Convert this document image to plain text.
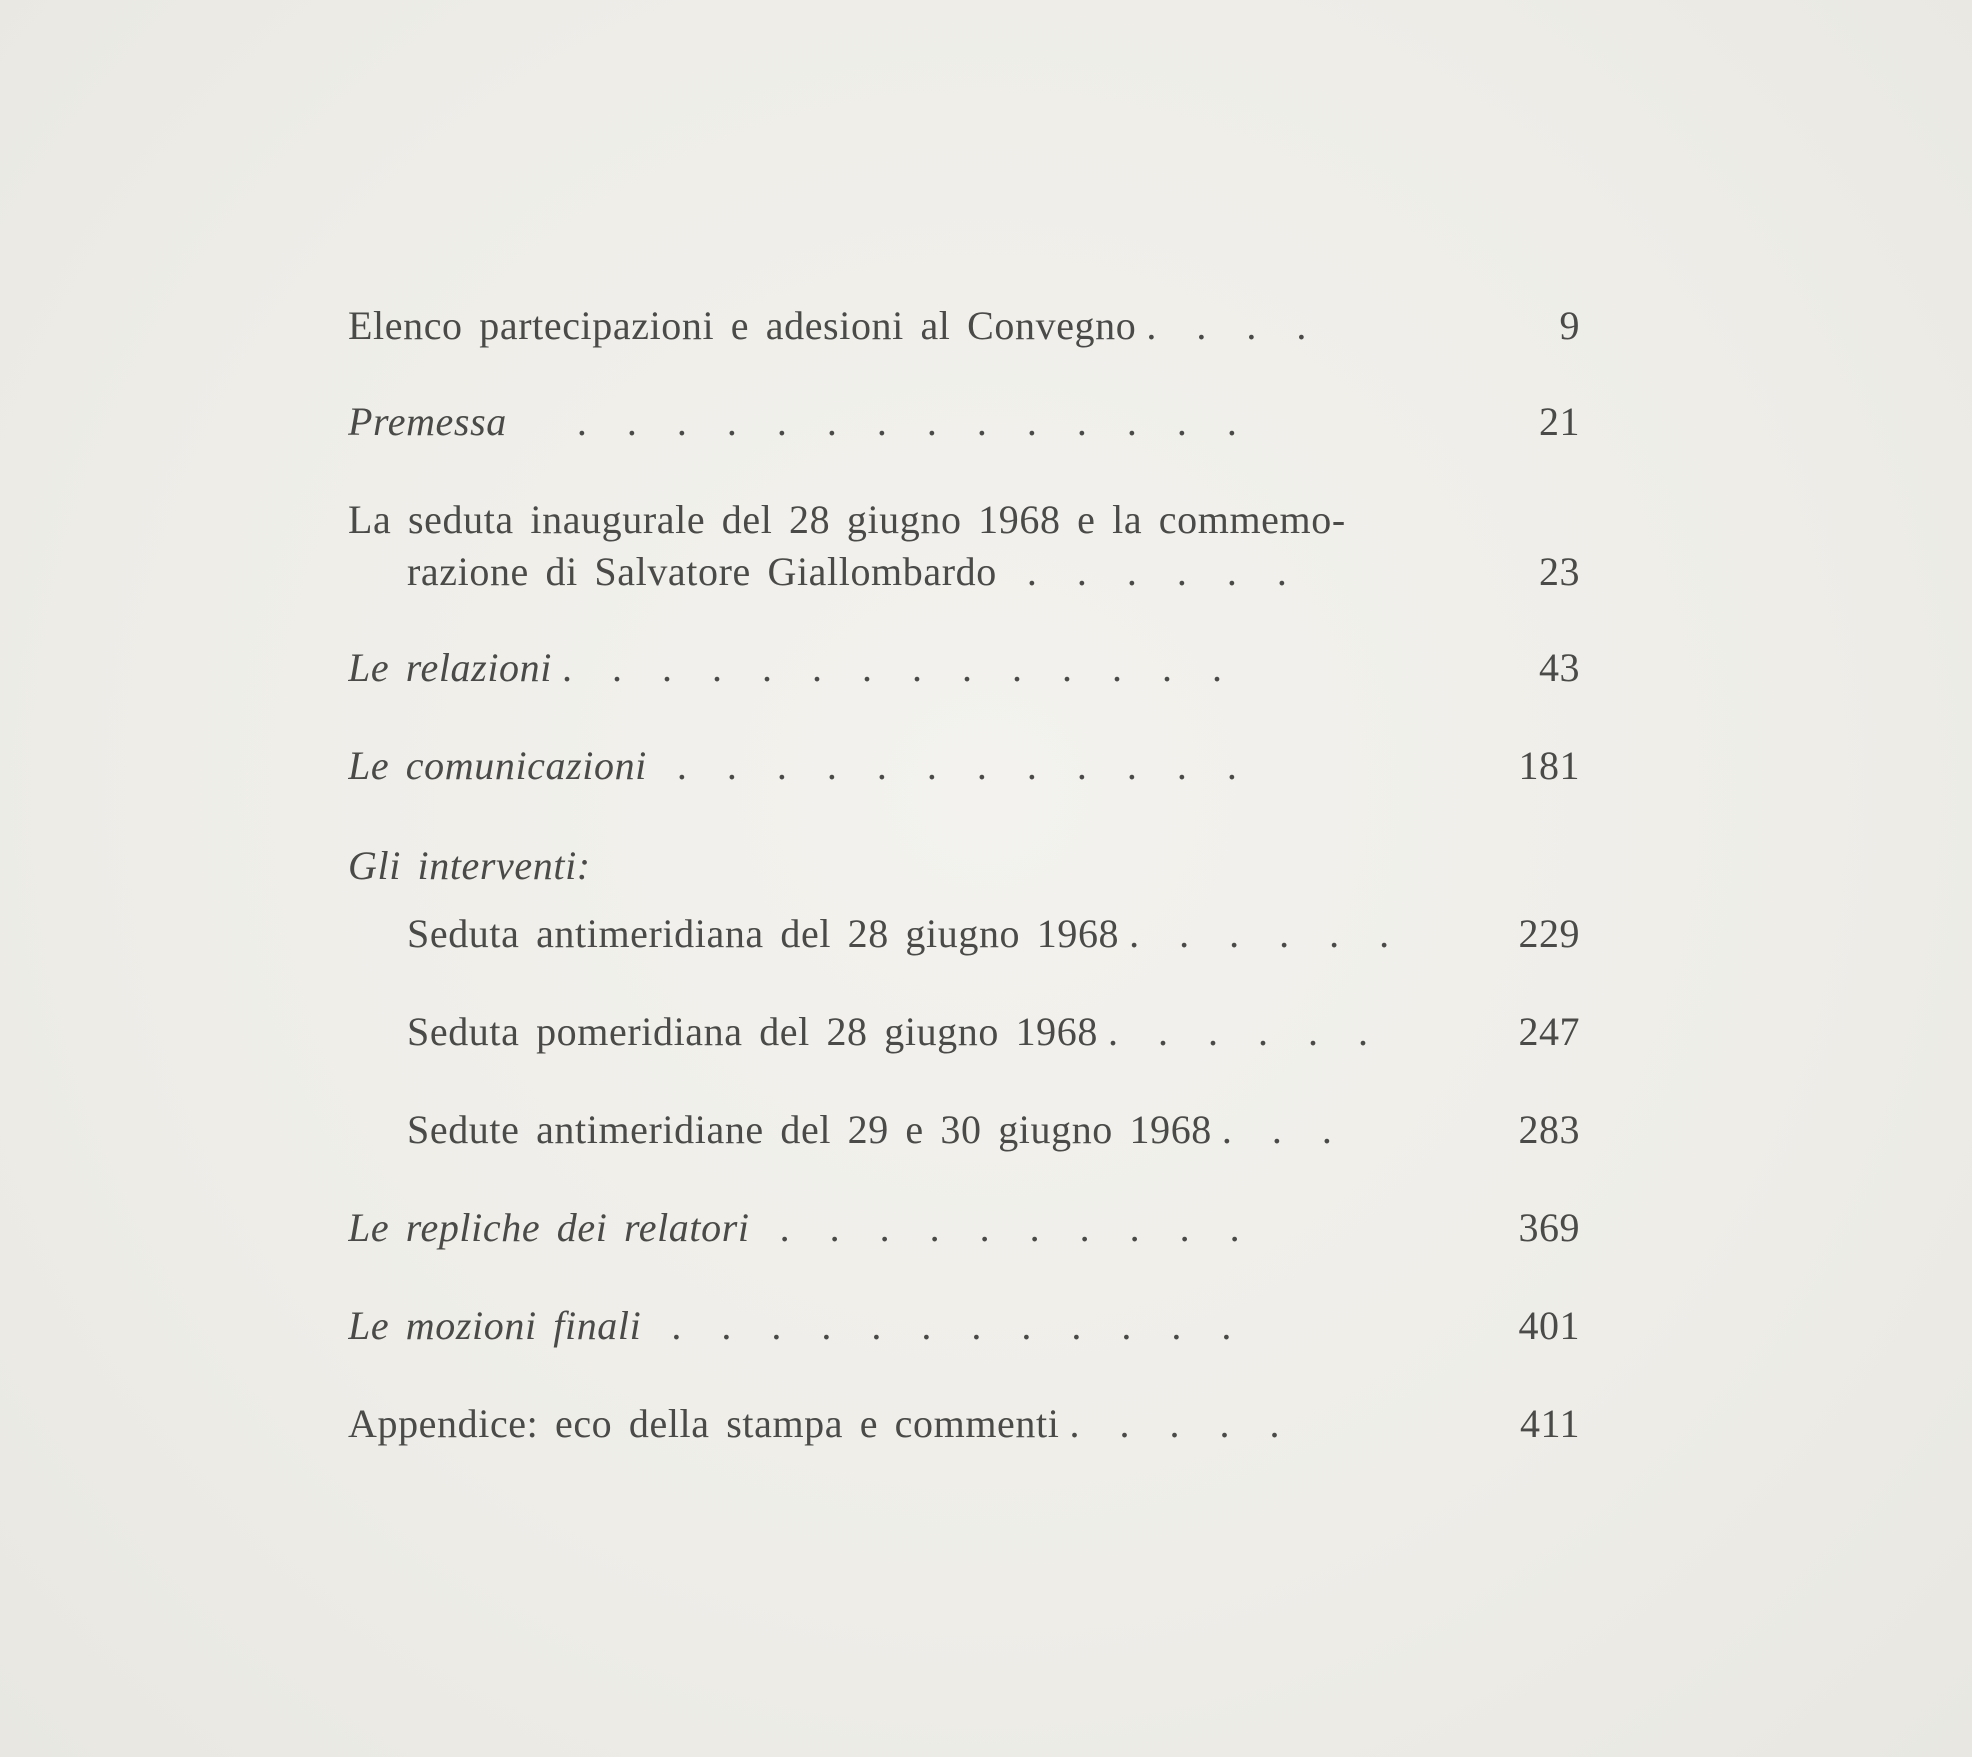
Elenco partecipazioni e adesioni al Convegno .    .    .    .	9
Premessa       .    .    .    .    .    .    .    .    .    .    .    .    .    .	21
La seduta inaugurale del 28 giugno 1968 e la commemo-
razione di Salvatore Giallombardo   .    .    .    .    .    .	23
Le relazioni .    .    .    .    .    .    .    .    .    .    .    .    .    .	43
Le comunicazioni   .    .    .    .    .    .    .    .    .    .    .    .	181
Gli interventi:
Seduta antimeridiana del 28 giugno 1968 .    .    .    .    .    .	229
Seduta pomeridiana del 28 giugno 1968 .    .    .    .    .    .	247
Sedute antimeridiane del 29 e 30 giugno 1968 .    .    .	283
Le repliche dei relatori   .    .    .    .    .    .    .    .    .    .	369
Le mozioni finali   .    .    .    .    .    .    .    .    .    .    .    .	401
Appendice: eco della stampa e commenti .    .    .    .    .	411
